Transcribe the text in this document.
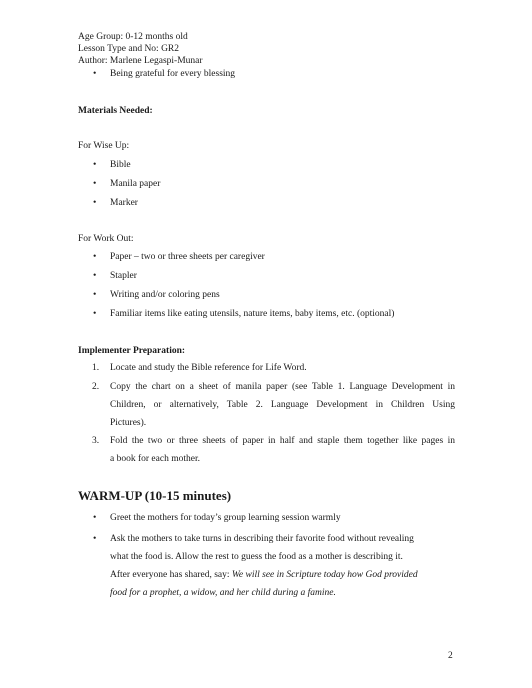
Age Group: 0-12 months old
Lesson Type and No: GR2
Author: Marlene Legaspi-Munar
• Being grateful for every blessing
Materials Needed:
For Wise Up:
• Bible
• Manila paper
• Marker
For Work Out:
• Paper – two or three sheets per caregiver
• Stapler
• Writing and/or coloring pens
• Familiar items like eating utensils, nature items, baby items, etc. (optional)
Implementer Preparation:
1. Locate and study the Bible reference for Life Word.
2. Copy the chart on a sheet of manila paper (see Table 1. Language Development in
Children, or alternatively, Table 2. Language Development in Children Using
Pictures).
3. Fold the two or three sheets of paper in half and staple them together like pages in
a book for each mother.
WARM-UP (10-15 minutes)
• Greet the mothers for today’s group learning session warmly
• Ask the mothers to take turns in describing their favorite food without revealing
what the food is. Allow the rest to guess the food as a mother is describing it.
After everyone has shared, say: We will see in Scripture today how God provided
food for a prophet, a widow, and her child during a famine.
2
